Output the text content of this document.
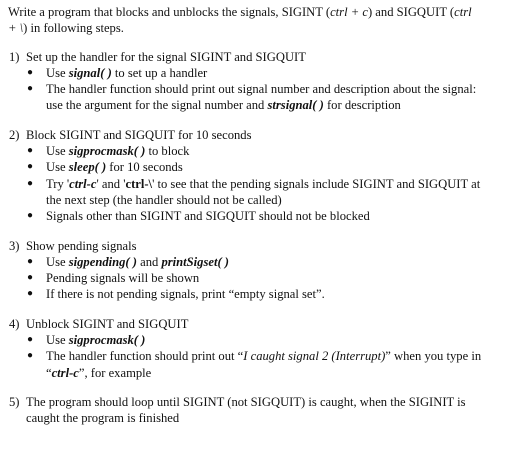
Write a program that blocks and unblocks the signals, SIGINT (ctrl + c) and SIGQUIT (ctrl + \) in following steps.

1) Set up the handler for the signal SIGINT and SIGQUIT
●	Use signal( ) to set up a handler
●	The handler function should print out signal number and description about the signal: use the argument for the signal number and strsignal( ) for description
2) Block SIGINT and SIGQUIT for 10 seconds
●	Use sigprocmask( ) to block
●	Use sleep( ) for 10 seconds
●	Try 'ctrl-c' and 'ctrl-\' to see that the pending signals include SIGINT and SIGQUIT at the next step (the handler should not be called)
●	Signals other than SIGINT and SIGQUIT should not be blocked
3) Show pending signals
●	Use sigpending( ) and printSigset( )
●	Pending signals will be shown
●	If there is not pending signals, print “empty signal set”.
4) Unblock SIGINT and SIGQUIT
●	Use sigprocmask( )
●	The handler function should print out “I caught signal 2 (Interrupt)” when you type in “ctrl-c”, for example
5) The program should loop until SIGINT (not SIGQUIT) is caught, when the SIGINIT is caught the program is finished
